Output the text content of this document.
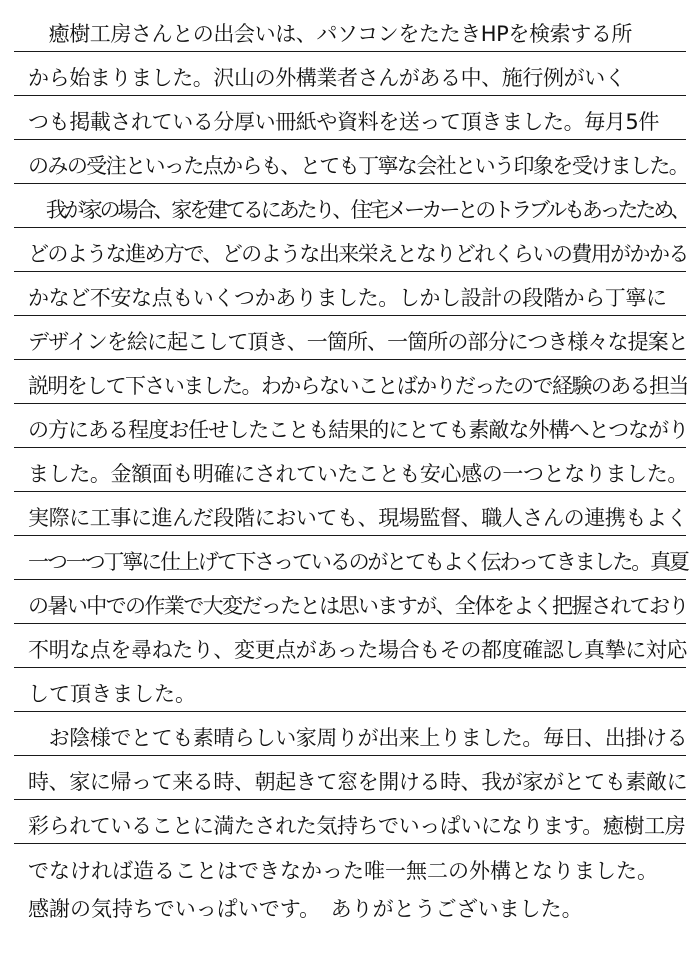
　癒樹工房さんとの出会いは、パソコンをたたきHPを検索する所
から始まりました。沢山の外構業者さんがある中、施行例がいく
つも掲載されている分厚い冊紙や資料を送って頂きました。毎月5件
のみの受注といった点からも、とても丁寧な会社という印象を受けました。
　我が家の場合、家を建てるにあたり、住宅メーカーとのトラブルもあったため、
どのような進め方で、どのような出来栄えとなりどれくらいの費用がかかる
かなど不安な点もいくつかありました。しかし設計の段階から丁寧に
デザインを絵に起こして頂き、一箇所、一箇所の部分につき様々な提案と
説明をして下さいました。わからないことばかりだったので経験のある担当
の方にある程度お任せしたことも結果的にとても素敵な外構へとつながり
ました。金額面も明確にされていたことも安心感の一つとなりました。
実際に工事に進んだ段階においても、現場監督、職人さんの連携もよく
一つ一つ丁寧に仕上げて下さっているのがとてもよく伝わってきました。真夏
の暑い中での作業で大変だったとは思いますが、全体をよく把握されており
不明な点を尋ねたり、変更点があった場合もその都度確認し真摯に対応
して頂きました。
　お陰様でとても素晴らしい家周りが出来上りました。毎日、出掛ける
時、家に帰って来る時、朝起きて窓を開ける時、我が家がとても素敵に
彩られていることに満たされた気持ちでいっぱいになります。癒樹工房
でなければ造ることはできなかった唯一無二の外構となりました。
感謝の気持ちでいっぱいです。　ありがとうございました。
